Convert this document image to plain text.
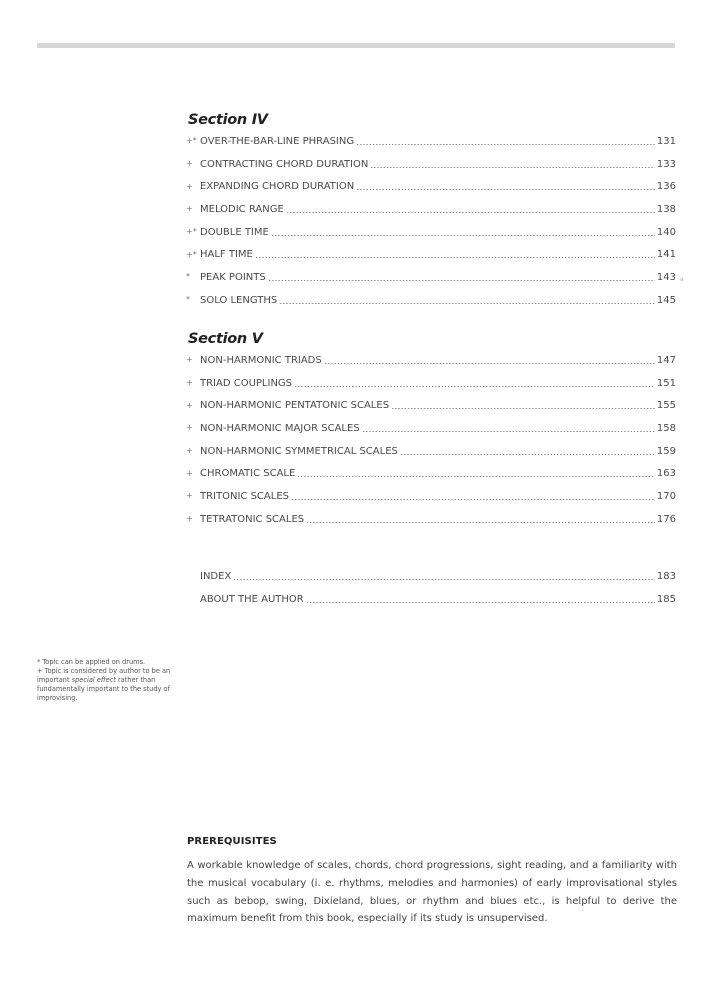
Section IV
+* OVER-THE-BAR-LINE PHRASING	131
+ CONTRACTING CHORD DURATION	133
+ EXPANDING CHORD DURATION	136
+ MELODIC RANGE	138
+* DOUBLE TIME	140
+* HALF TIME	141
*	PEAK POINTS	143
*	SOLO LENGTHS	145
Section V
+ NON-HARMONIC TRIADS	147
+ TRIAD COUPLINGS	151
+ NON-HARMONIC PENTATONIC SCALES	155
+ NON-HARMONIC MAJOR SCALES	158
+ NON-HARMONIC SYMMETRICAL SCALES	159
+ CHROMATIC SCALE	163
+ TRITONIC SCALES	170
+ TETRATONIC SCALES	176
INDEX	183
ABOUT THE AUTHOR	185
a

* Topic can be applied on drums.
+ Topic is considered by author to be an important special effect rather than fundamentally important to the study of improvising.

PREREQUISITES

A workable knowledge of scales, chords, chord progressions, sight reading, and a familiarity with the musical vocabulary (i. e. rhythms, melodies and harmonies) of early improvisational styles such as bebop, swing, Dixieland, blues, or rhythm and blues etc., is helpful to derive the maximum benefit from this book, especially if its study is unsupervised.
